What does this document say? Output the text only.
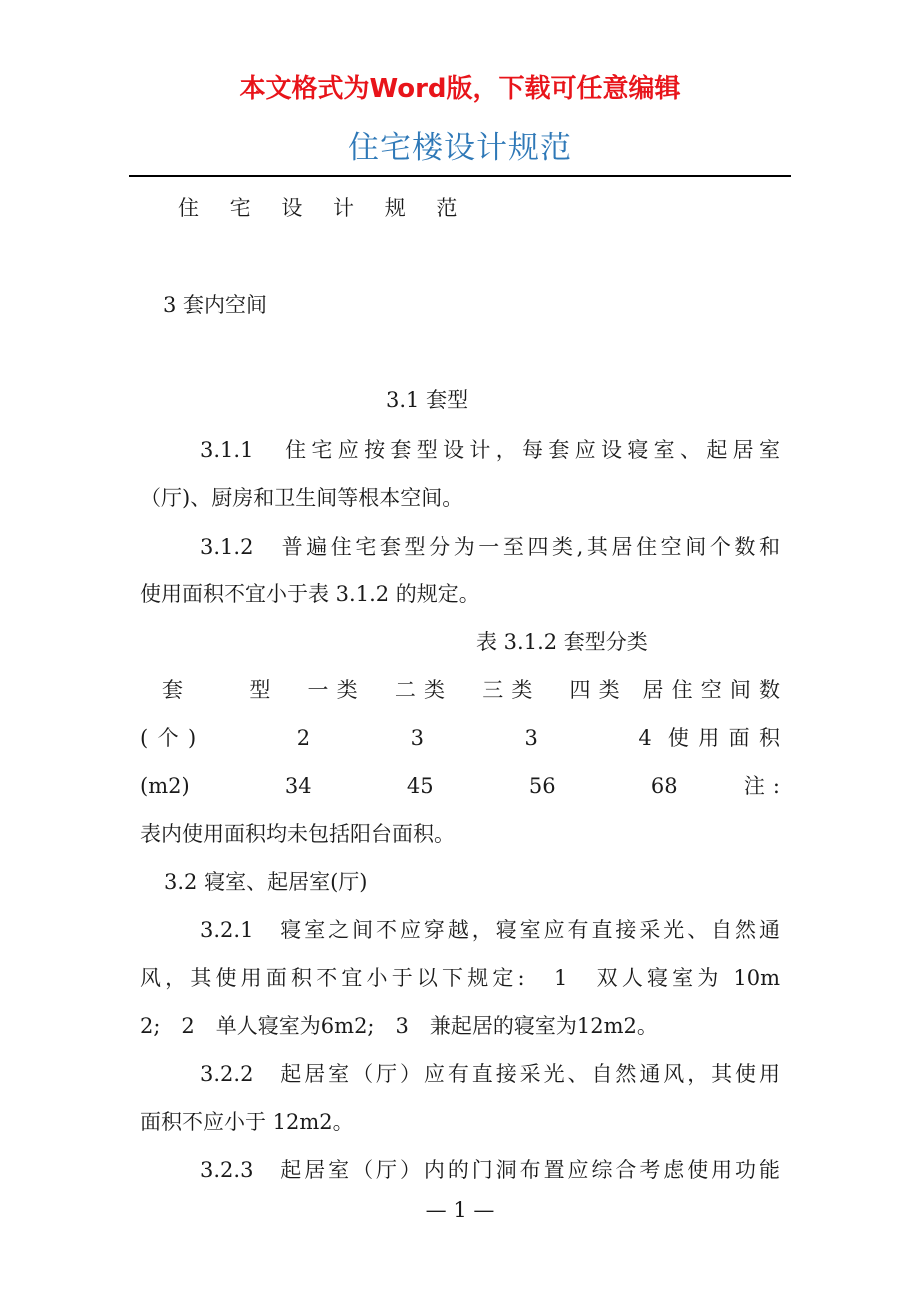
本文格式为Word版，下载可任意编辑
住宅楼设计规范
住 宅 设 计 规 范
3 套内空间
3.1 套型
3.1.1　住宅应按套型设计，每套应设寝室、起居室
（厅)、厨房和卫生间等根本空间。
3.1.2　普遍住宅套型分为一至四类,其居住空间个数和
使用面积不宜小于表 3.1.2 的规定。
表 3.1.2 套型分类
套　　型　一类　二类　三类　四类 居住空间数
(个)　　　2　　　3　　　3　　　4 使用面积
(m2)　　　34　　　45　　　56　　　68　　注:
表内使用面积均未包括阳台面积。
3.2 寝室、起居室(厅)
3.2.1　寝室之间不应穿越，寝室应有直接采光、自然通
风，其使用面积不宜小于以下规定:　1　双人寝室为 10m
2;　2　单人寝室为6m2;　3　兼起居的寝室为12m2。
3.2.2　起居室（厅）应有直接采光、自然通风，其使用
面积不应小于 12m2。
3.2.3　起居室（厅）内的门洞布置应综合考虑使用功能
— 1 —
